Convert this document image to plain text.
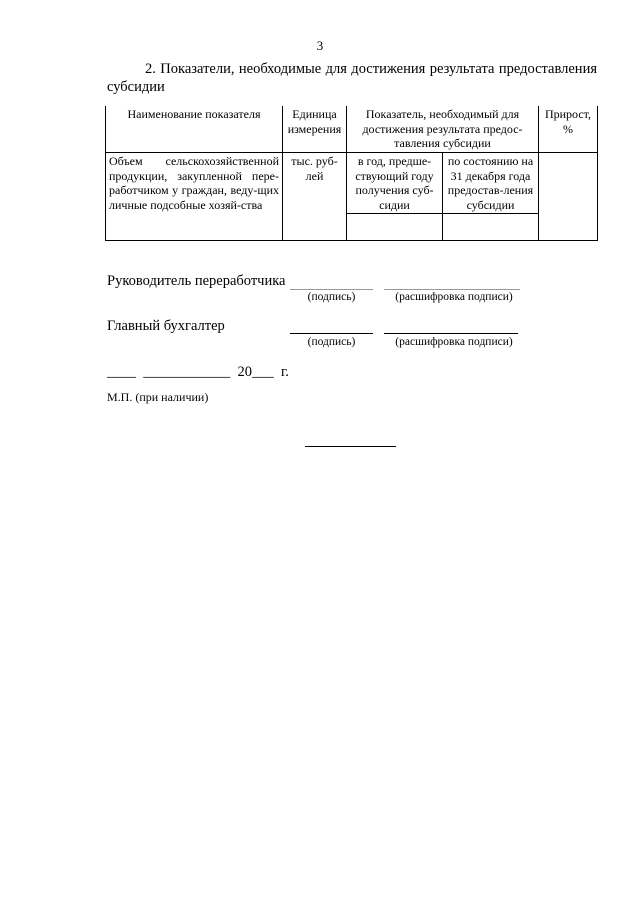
3
2. Показатели, необходимые для достижения результата предоставления субсидии
Наименование показателя	Единица измерения	Показатель, необходимый для достижения результата предос-тавления субсидии		Прирост, %
Объем сельскохозяйственной продукции, закупленной пере-работчиком у граждан, веду-щих личные подсобные хозяй-ства	тыс. руб-лей	в год, предше-ствующий году получения суб-сидии	по состоянию на 31 декабря года предостав-ления субсидии	

Руководитель переработчика
(подпись)	(расшифровка подписи)
Главный бухгалтер
(подпись)	(расшифровка подписи)
____  ____________  20___  г.
М.П. (при наличии)
